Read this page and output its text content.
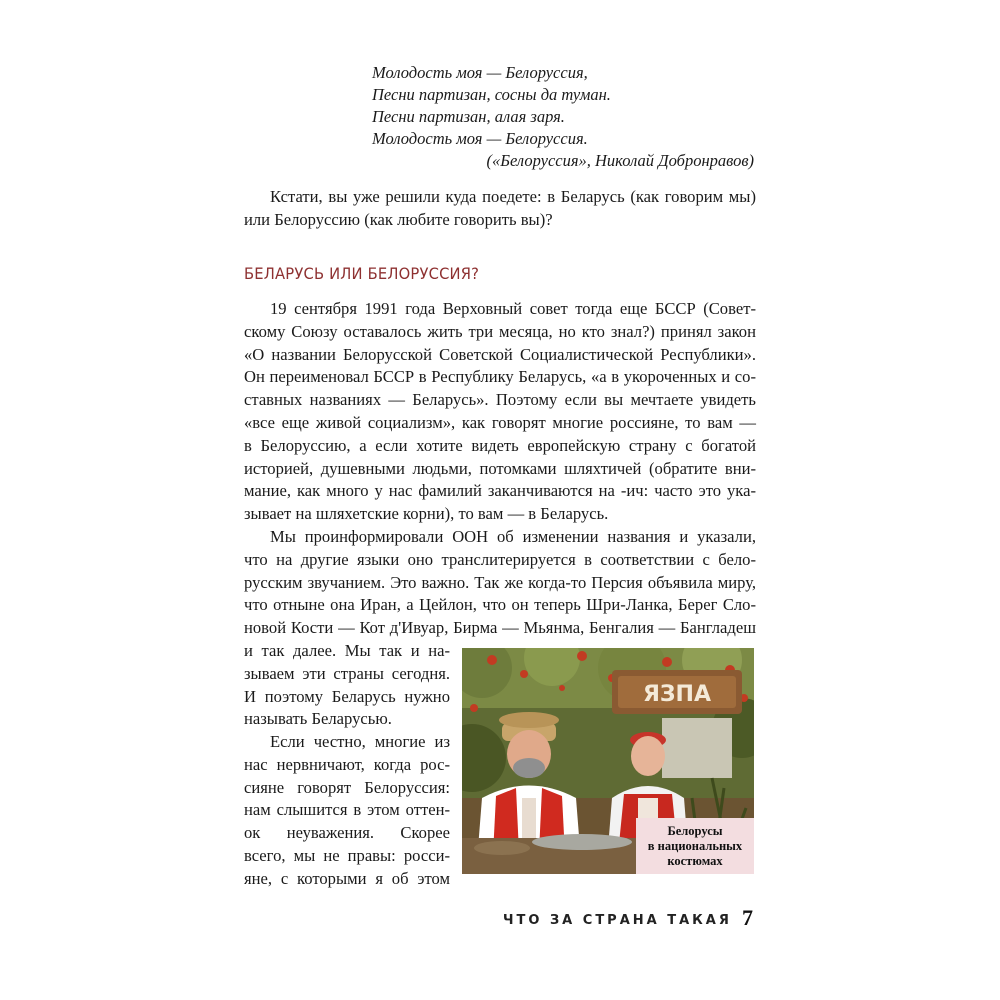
Молодость моя — Белоруссия,
Песни партизан, сосны да туман.
Песни партизан, алая заря.
Молодость моя — Белоруссия.
(«Белоруссия», Николай Добронравов)
Кстати, вы уже решили куда поедете: в Беларусь (как говорим мы)
или Белоруссию (как любите говорить вы)?
БЕЛАРУСЬ ИЛИ БЕЛОРУССИЯ?
19 сентября 1991 года Верховный совет тогда еще БССР (Совет-
скому Союзу оставалось жить три месяца, но кто знал?) принял закон
«О названии Белорусской Советской Социалистической Республики».
Он переименовал БССР в Республику Беларусь, «а в укороченных и со-
ставных названиях — Беларусь». Поэтому если вы мечтаете увидеть
«все еще живой социализм», как говорят многие россияне, то вам —
в Белоруссию, а если хотите видеть европейскую страну с богатой
историей, душевными людьми, потомками шляхтичей (обратите вни-
мание, как много у нас фамилий заканчиваются на -ич: часто это ука-
зывает на шляхетские корни), то вам — в Беларусь.
Мы проинформировали ООН об изменении названия и указали,
что на другие языки оно транслитерируется в соответствии с бело-
русским звучанием. Это важно. Так же когда-то Персия объявила миру,
что отныне она Иран, а Цейлон, что он теперь Шри-Ланка, Берег Сло-
новой Кости — Кот д'Ивуар, Бирма — Мьянма, Бенгалия — Бангладеш
и так далее. Мы так и на-
зываем эти страны сегодня.
И поэтому Беларусь нужно
называть Беларусью.
Если честно, многие из
нас нервничают, когда рос-
сияне говорят Белоруссия:
нам слышится в этом оттен-
ок неуважения. Скорее
всего, мы не правы: росси-
яне, с которыми я об этом
ЯЗПА
Белорусы
в национальных
костюмах
ЧТО ЗА СТРАНА ТАКАЯ 7
